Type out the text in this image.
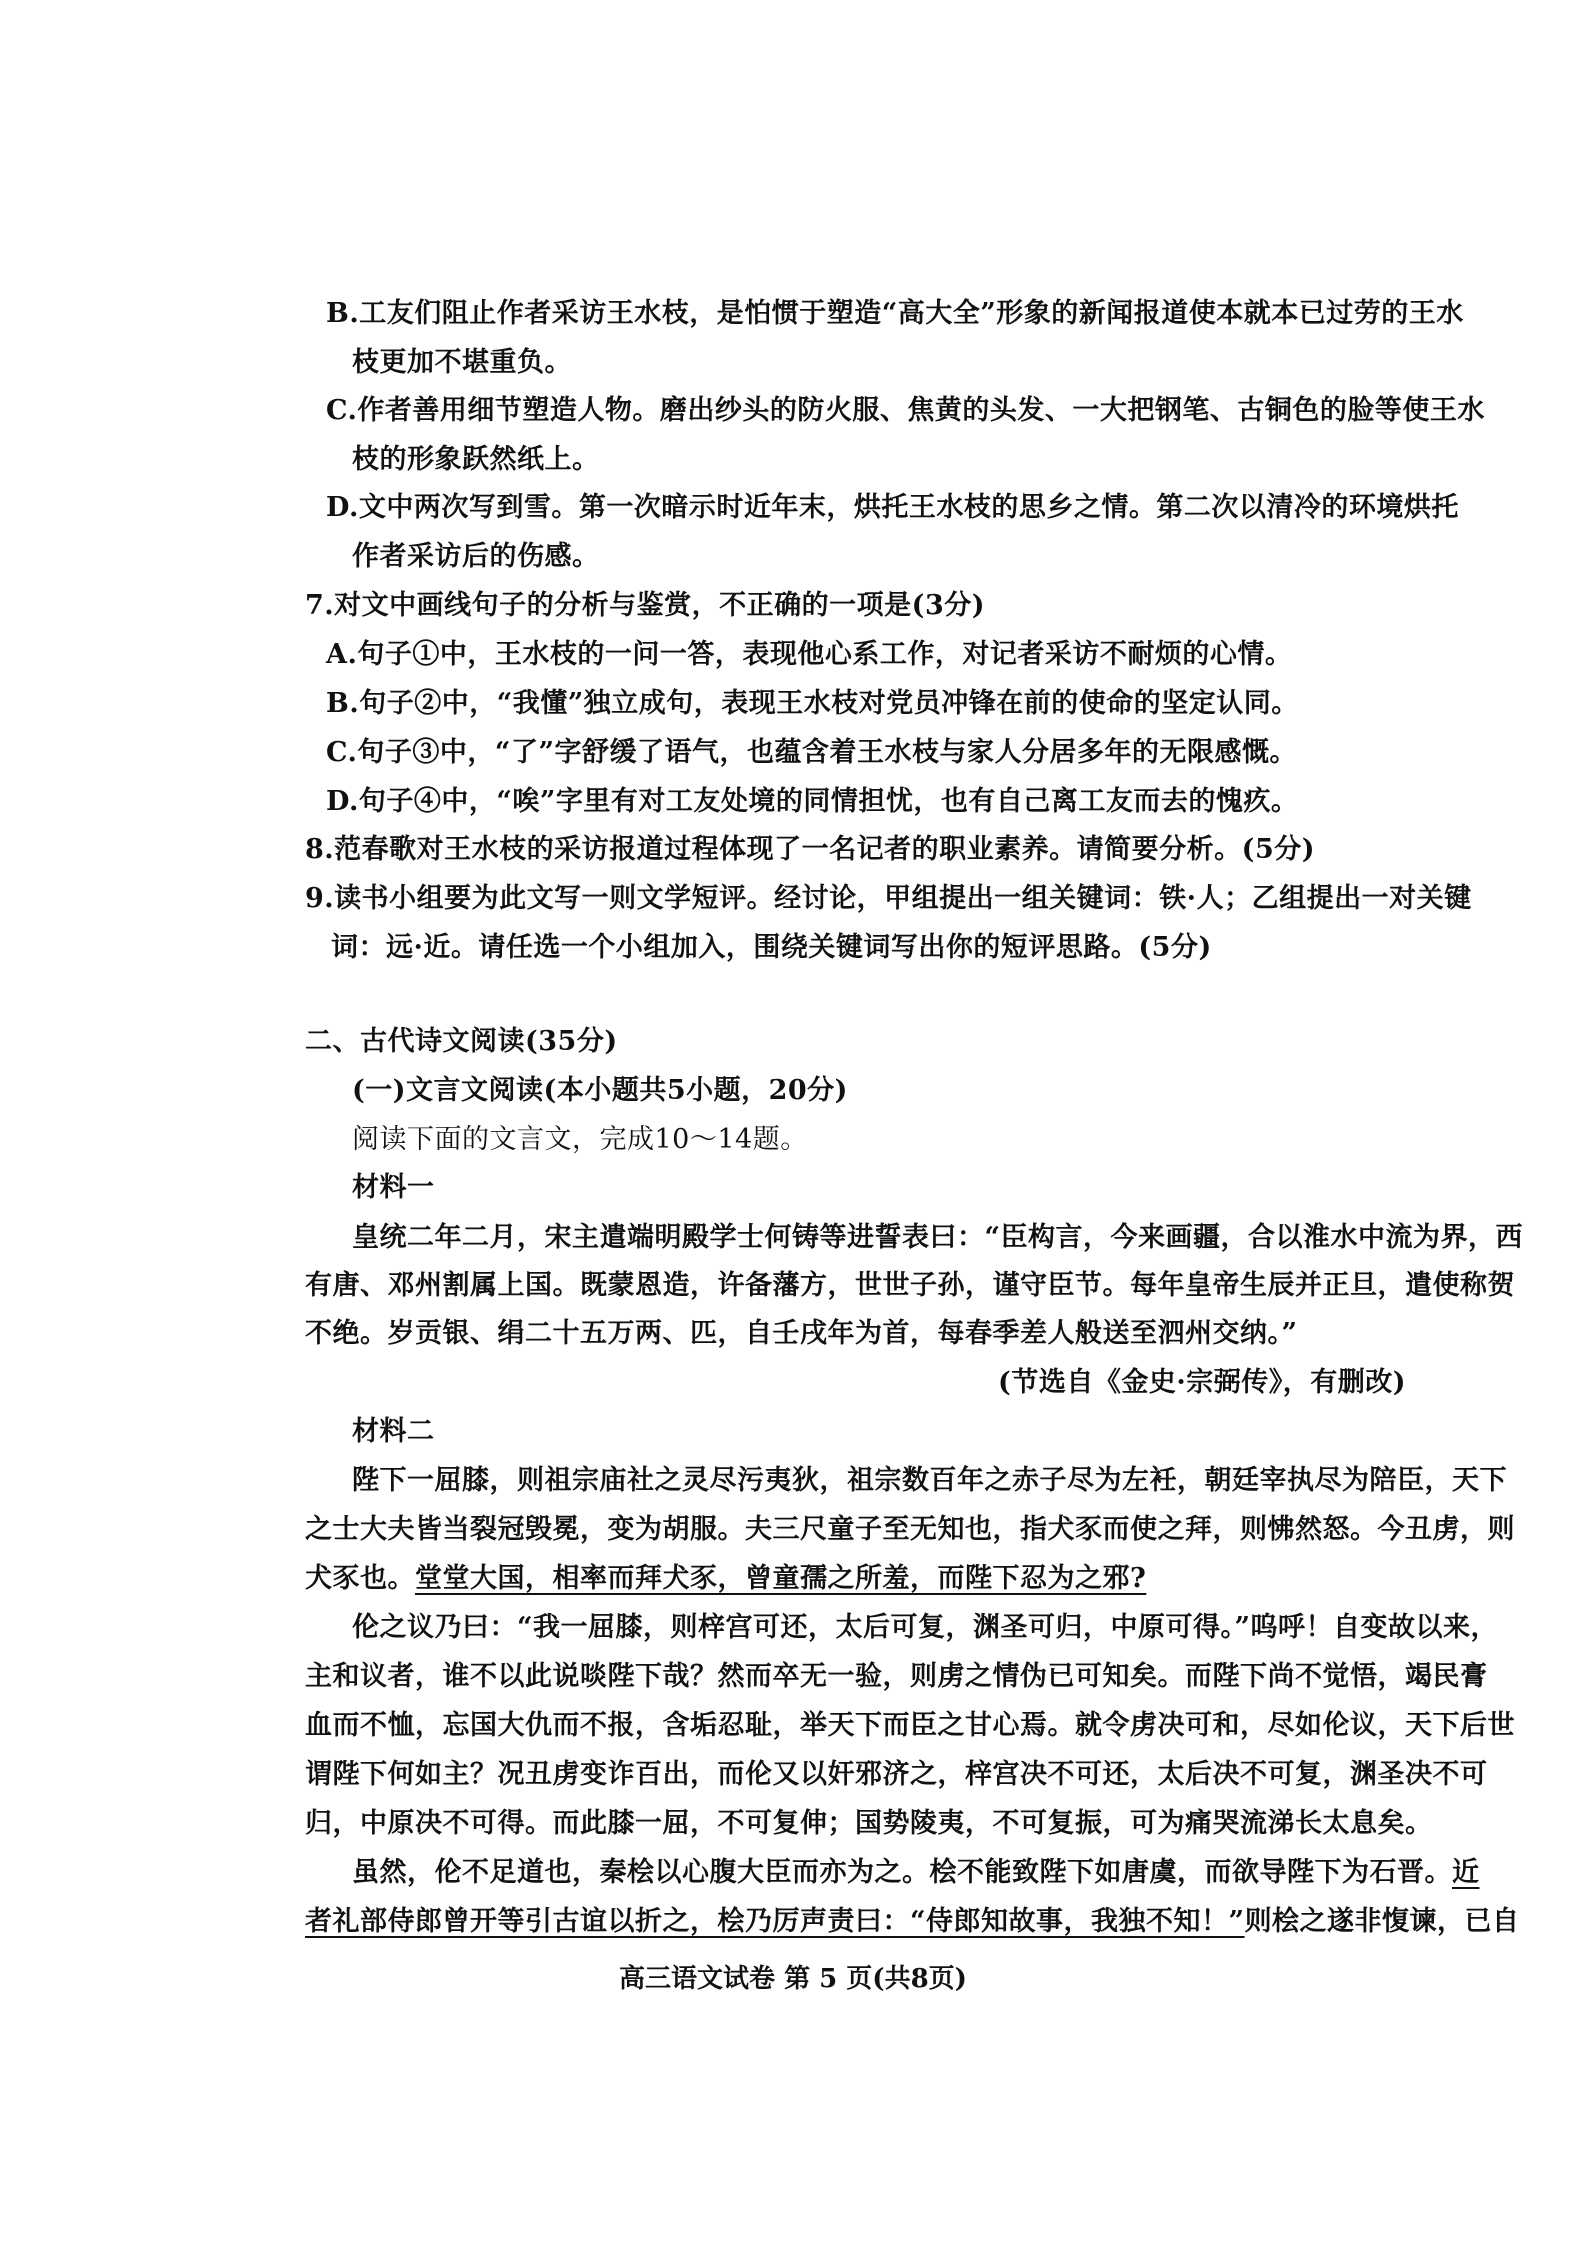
B.工友们阻止作者采访王水枝，是怕惯于塑造“高大全”形象的新闻报道使本就本已过劳的王水
枝更加不堪重负。
C.作者善用细节塑造人物。磨出纱头的防火服、焦黄的头发、一大把钢笔、古铜色的脸等使王水
枝的形象跃然纸上。
D.文中两次写到雪。第一次暗示时近年末，烘托王水枝的思乡之情。第二次以清冷的环境烘托
作者采访后的伤感。
7.对文中画线句子的分析与鉴赏，不正确的一项是(3分)
A.句子①中，王水枝的一问一答，表现他心系工作，对记者采访不耐烦的心情。
B.句子②中，“我懂”独立成句，表现王水枝对党员冲锋在前的使命的坚定认同。
C.句子③中，“了”字舒缓了语气，也蕴含着王水枝与家人分居多年的无限感慨。
D.句子④中，“唉”字里有对工友处境的同情担忧，也有自己离工友而去的愧疚。
8.范春歌对王水枝的采访报道过程体现了一名记者的职业素养。请简要分析。(5分)
9.读书小组要为此文写一则文学短评。经讨论，甲组提出一组关键词：铁·人；乙组提出一对关键
词：远·近。请任选一个小组加入，围绕关键词写出你的短评思路。(5分)
二、古代诗文阅读(35分)
(一)文言文阅读(本小题共5小题，20分)
阅读下面的文言文，完成10～14题。
材料一
皇统二年二月，宋主遣端明殿学士何铸等进誓表曰：“臣构言，今来画疆，合以淮水中流为界，西
有唐、邓州割属上国。既蒙恩造，许备藩方，世世子孙，谨守臣节。每年皇帝生辰并正旦，遣使称贺
不绝。岁贡银、绢二十五万两、匹，自壬戌年为首，每春季差人般送至泗州交纳。”
(节选自《金史·宗弼传》，有删改)
材料二
陛下一屈膝，则祖宗庙社之灵尽污夷狄，祖宗数百年之赤子尽为左衽，朝廷宰执尽为陪臣，天下
之士大夫皆当裂冠毁冕，变为胡服。夫三尺童子至无知也，指犬豕而使之拜，则怫然怒。今丑虏，则
犬豕也。堂堂大国，相率而拜犬豕，曾童孺之所羞，而陛下忍为之邪?
伦之议乃曰：“我一屈膝，则梓宫可还，太后可复，渊圣可归，中原可得。”呜呼！自变故以来，
主和议者，谁不以此说啖陛下哉？然而卒无一验，则虏之情伪已可知矣。而陛下尚不觉悟，竭民膏
血而不恤，忘国大仇而不报，含垢忍耻，举天下而臣之甘心焉。就令虏决可和，尽如伦议，天下后世
谓陛下何如主？况丑虏变诈百出，而伦又以奸邪济之，梓宫决不可还，太后决不可复，渊圣决不可
归，中原决不可得。而此膝一屈，不可复伸；国势陵夷，不可复振，可为痛哭流涕长太息矣。
虽然，伦不足道也，秦桧以心腹大臣而亦为之。桧不能致陛下如唐虞，而欲导陛下为石晋。近
者礼部侍郎曾开等引古谊以折之，桧乃厉声责曰：“侍郎知故事，我独不知！”则桧之遂非愎谏，已自
高三语文试卷 第 5 页(共8页)
